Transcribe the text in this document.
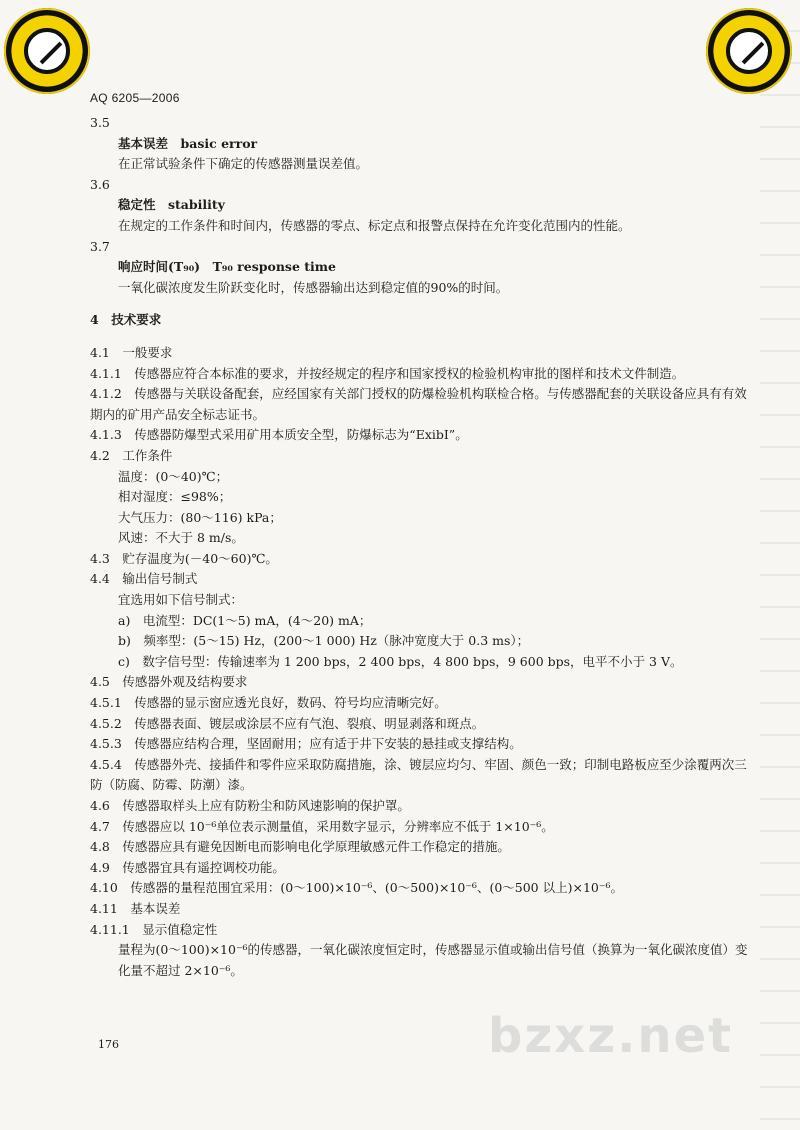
AQ 6205—2006
3.5
基本误差　basic error
在正常试验条件下确定的传感器测量误差值。
3.6
稳定性　stability
在规定的工作条件和时间内，传感器的零点、标定点和报警点保持在允许变化范围内的性能。
3.7
响应时间(T₉₀)　T₉₀ response time
一氧化碳浓度发生阶跃变化时，传感器输出达到稳定值的90%的时间。
4　技术要求
4.1　一般要求
4.1.1　传感器应符合本标准的要求，并按经规定的程序和国家授权的检验机构审批的图样和技术文件制造。
4.1.2　传感器与关联设备配套，应经国家有关部门授权的防爆检验机构联检合格。与传感器配套的关联设备应具有有效期内的矿用产品安全标志证书。
4.1.3　传感器防爆型式采用矿用本质安全型，防爆标志为“ExibI”。
4.2　工作条件
温度：(0～40)℃；
相对湿度：≤98%；
大气压力：(80～116) kPa；
风速：不大于 8 m/s。
4.3　贮存温度为(－40～60)℃。
4.4　输出信号制式
宜选用如下信号制式：
a)　电流型：DC(1～5) mA，(4～20) mA；
b)　频率型：(5～15) Hz，(200～1 000) Hz（脉冲宽度大于 0.3 ms）；
c)　数字信号型：传输速率为 1 200 bps，2 400 bps，4 800 bps，9 600 bps，电平不小于 3 V。
4.5　传感器外观及结构要求
4.5.1　传感器的显示窗应透光良好，数码、符号均应清晰完好。
4.5.2　传感器表面、镀层或涂层不应有气泡、裂痕、明显剥落和斑点。
4.5.3　传感器应结构合理，坚固耐用；应有适于井下安装的悬挂或支撑结构。
4.5.4　传感器外壳、接插件和零件应采取防腐措施，涂、镀层应均匀、牢固、颜色一致；印制电路板应至少涂覆两次三防（防腐、防霉、防潮）漆。
4.6　传感器取样头上应有防粉尘和防风速影响的保护罩。
4.7　传感器应以 10⁻⁶单位表示测量值，采用数字显示，分辨率应不低于 1×10⁻⁶。
4.8　传感器应具有避免因断电而影响电化学原理敏感元件工作稳定的措施。
4.9　传感器宜具有遥控调校功能。
4.10　传感器的量程范围宜采用：(0～100)×10⁻⁶、(0～500)×10⁻⁶、(0～500 以上)×10⁻⁶。
4.11　基本误差
4.11.1　显示值稳定性
量程为(0～100)×10⁻⁶的传感器，一氧化碳浓度恒定时，传感器显示值或输出信号值（换算为一氧化碳浓度值）变化量不超过 2×10⁻⁶。
176	bzxz.net
